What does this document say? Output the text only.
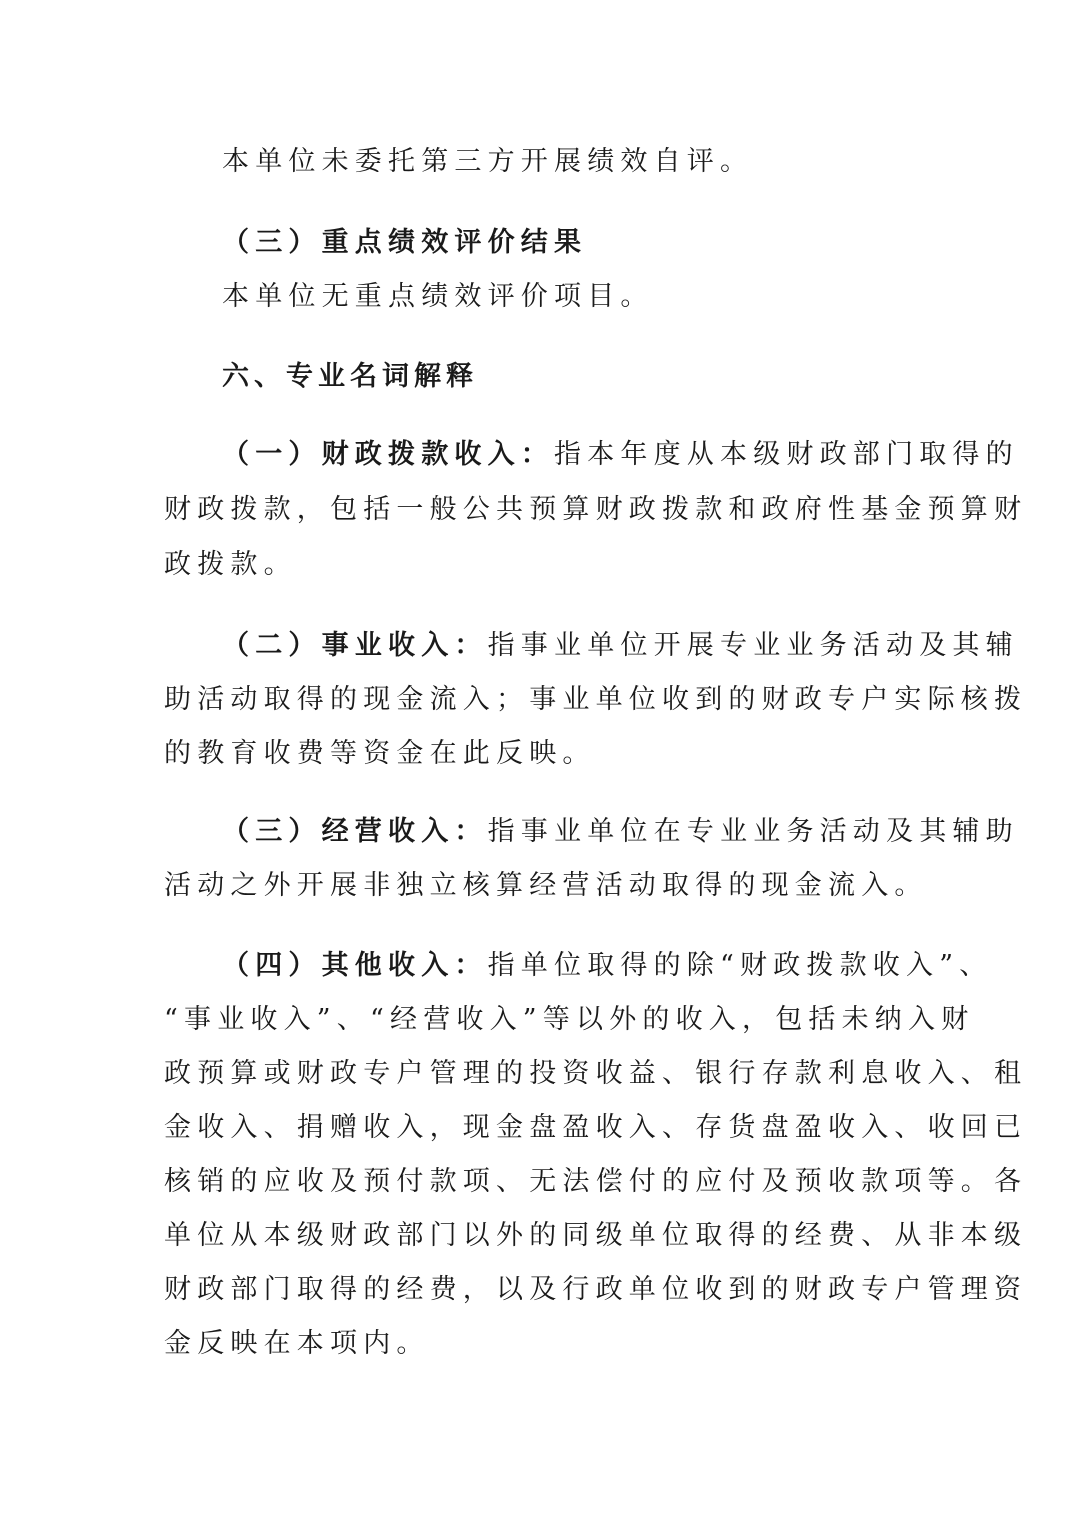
本单位未委托第三方开展绩效自评。

（三）重点绩效评价结果

本单位无重点绩效评价项目。

六、专业名词解释

（一）财政拨款收入：指本年度从本级财政部门取得的

财政拨款，包括一般公共预算财政拨款和政府性基金预算财

政拨款。

（二）事业收入：指事业单位开展专业业务活动及其辅

助活动取得的现金流入；事业单位收到的财政专户实际核拨

的教育收费等资金在此反映。

（三）经营收入：指事业单位在专业业务活动及其辅助

活动之外开展非独立核算经营活动取得的现金流入。

（四）其他收入：指单位取得的除“财政拨款收入”、

“事业收入”、“经营收入”等以外的收入，包括未纳入财

政预算或财政专户管理的投资收益、银行存款利息收入、租

金收入、捐赠收入，现金盘盈收入、存货盘盈收入、收回已

核销的应收及预付款项、无法偿付的应付及预收款项等。各

单位从本级财政部门以外的同级单位取得的经费、从非本级

财政部门取得的经费，以及行政单位收到的财政专户管理资

金反映在本项内。
